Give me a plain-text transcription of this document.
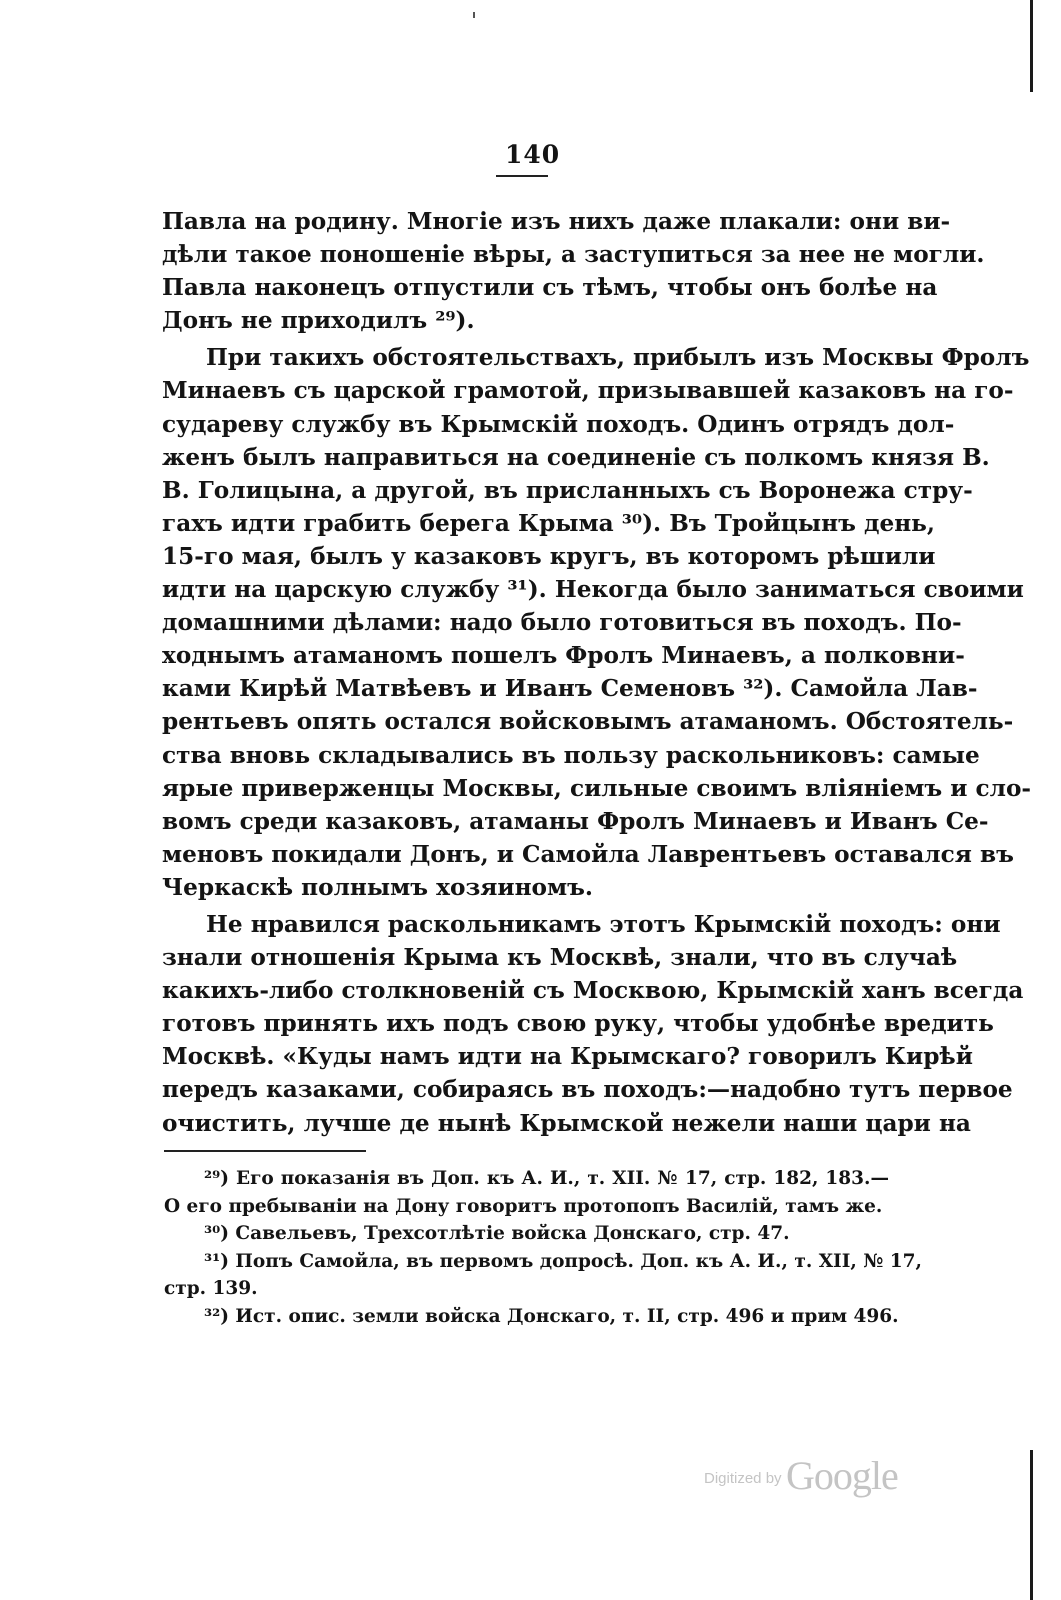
140
Павла на родину. Многіе изъ нихъ даже плакали: они ви-
дѣли такое поношеніе вѣры, а заступиться за нее не могли.
Павла наконецъ отпустили съ тѣмъ, чтобы онъ болѣе на
Донъ не приходилъ ²⁹).
При такихъ обстоятельствахъ, прибылъ изъ Москвы Фролъ
Минаевъ съ царской грамотой, призывавшей казаковъ на го-
судареву службу въ Крымскій походъ. Одинъ отрядъ дол-
женъ былъ направиться на соединеніе съ полкомъ князя В.
В. Голицына, а другой, въ присланныхъ съ Воронежа стру-
гахъ идти грабить берега Крыма ³⁰). Въ Тройцынъ день,
15-го мая, былъ у казаковъ кругъ, въ которомъ рѣшили
идти на царскую службу ³¹). Некогда было заниматься своими
домашними дѣлами: надо было готовиться въ походъ. По-
ходнымъ атаманомъ пошелъ Фролъ Минаевъ, а полковни-
ками Кирѣй Матвѣевъ и Иванъ Семеновъ ³²). Самойла Лав-
рентьевъ опять остался войсковымъ атаманомъ. Обстоятель-
ства вновь складывались въ пользу раскольниковъ: самые
ярые приверженцы Москвы, сильные своимъ вліяніемъ и сло-
вомъ среди казаковъ, атаманы Фролъ Минаевъ и Иванъ Се-
меновъ покидали Донъ, и Самойла Лаврентьевъ оставался въ
Черкаскѣ полнымъ хозяиномъ.
Не нравился раскольникамъ этотъ Крымскій походъ: они
знали отношенія Крыма къ Москвѣ, знали, что въ случаѣ
какихъ-либо столкновеній съ Москвою, Крымскій ханъ всегда
готовъ принять ихъ подъ свою руку, чтобы удобнѣе вредить
Москвѣ. «Куды намъ идти на Крымскаго? говорилъ Кирѣй
передъ казаками, собираясь въ походъ:—надобно тутъ первое
очистить, лучше де нынѣ Крымской нежели наши цари на
²⁹) Его показанія въ Доп. къ А. И., т. XII. № 17, стр. 182, 183.—
О его пребываніи на Дону говоритъ протопопъ Василій, тамъ же.
³⁰) Савельевъ, Трехсотлѣтіе войска Донскаго, стр. 47.
³¹) Попъ Самойла, въ первомъ допросѣ. Доп. къ А. И., т. XII, № 17,
стр. 139.
³²) Ист. опис. земли войска Донскаго, т. II, стр. 496 и прим 496.
Digitized by Google
